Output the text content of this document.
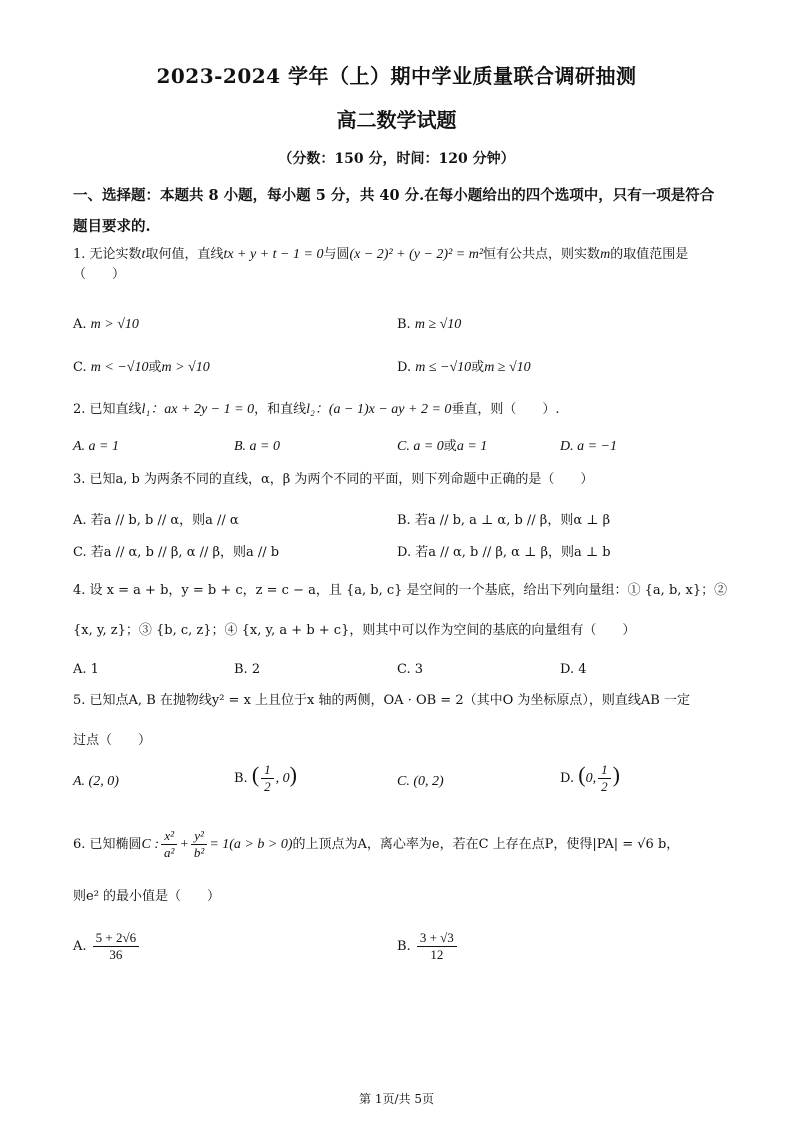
2023-2024 学年（上）期中学业质量联合调研抽测
高二数学试题
（分数：150 分，时间：120 分钟）
一、选择题：本题共 8 小题，每小题 5 分，共 40 分.在每小题给出的四个选项中，只有一项是符合题目要求的.
1. 无论实数t取何值，直线tx + y + t − 1 = 0与圆(x − 2)² + (y − 2)² = m²恒有公共点，则实数m的取值范围是（　　）
A. m > √10	B. m ≥ √10
C. m < −√10或m > √10	D. m ≤ −√10或m ≥ √10
2. 已知直线l₁：ax + 2y − 1 = 0，和直线l₂：(a − 1)x − ay + 2 = 0垂直，则（　　）.
A. a = 1	B. a = 0	C. a = 0或a = 1	D. a = −1
3. 已知a, b 为两条不同的直线，α，β 为两个不同的平面，则下列命题中正确的是（　　）
A. 若a // b, b // α，则a // α	B. 若a // b, a ⊥ α, b // β，则α ⊥ β
C. 若a // α, b // β, α // β，则a // b	D. 若a // α, b // β, α ⊥ β，则a ⊥ b
4. 设 x = a + b，y = b + c，z = c − a，且 {a, b, c} 是空间的一个基底，给出下列向量组：① {a, b, x}；②
{x, y, z}；③ {b, c, z}；④ {x, y, a + b + c}，则其中可以作为空间的基底的向量组有（　　）
A. 1	B. 2	C. 3	D. 4
5. 已知点A, B 在抛物线y² = x 上且位于x 轴的两侧，OA · OB = 2（其中O 为坐标原点），则直线AB 一定
过点（　　）
A. (2, 0)	B. ( $\frac{1}{2}$ , 0)	C. (0, 2)	D. (0, $\frac{1}{2}$ )
6. 已知椭圆C : $\frac{\text{x²}}{\text{a²}} + \frac{\text{y²}}{\text{b²}} = 1(a > b > 0)$的上顶点为A，离心率为e，若在C 上存在点P，使得|PA| = √6 b，
则e² 的最小值是（　　）
A. $\frac{5 + 2√6}{36}$	B. $\frac{3 + √3}{12}$
第 1页/共 5页
